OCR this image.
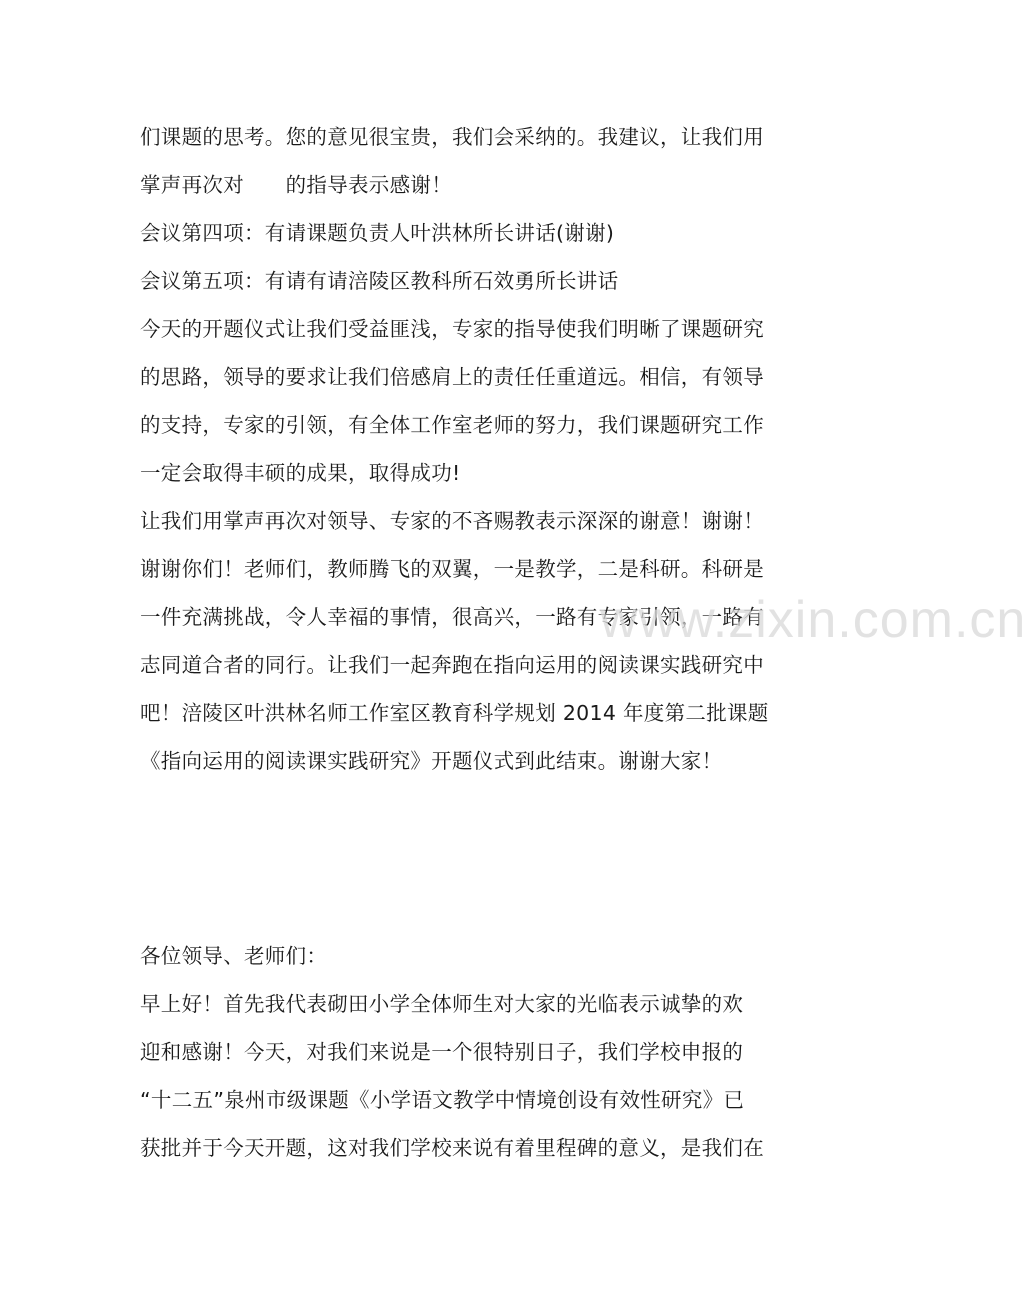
们课题的思考。您的意见很宝贵，我们会采纳的。我建议，让我们用
掌声再次对　　的指导表示感谢！
会议第四项：有请课题负责人叶洪林所长讲话(谢谢)
会议第五项：有请有请涪陵区教科所石效勇所长讲话
今天的开题仪式让我们受益匪浅，专家的指导使我们明晰了课题研究
的思路，领导的要求让我们倍感肩上的责任任重道远。相信，有领导
的支持，专家的引领，有全体工作室老师的努力，我们课题研究工作
一定会取得丰硕的成果，取得成功!
让我们用掌声再次对领导、专家的不吝赐教表示深深的谢意！谢谢！
谢谢你们！老师们，教师腾飞的双翼，一是教学，二是科研。科研是
一件充满挑战，令人幸福的事情，很高兴，一路有专家引领，一路有
志同道合者的同行。让我们一起奔跑在指向运用的阅读课实践研究中
吧！涪陵区叶洪林名师工作室区教育科学规划 2014 年度第二批课题
《指向运用的阅读课实践研究》开题仪式到此结束。谢谢大家！
各位领导、老师们：
早上好！首先我代表砌田小学全体师生对大家的光临表示诚挚的欢
迎和感谢！今天，对我们来说是一个很特别日子，我们学校申报的
“十二五”泉州市级课题《小学语文教学中情境创设有效性研究》已
获批并于今天开题，这对我们学校来说有着里程碑的意义，是我们在
www.zixin.com.cn
